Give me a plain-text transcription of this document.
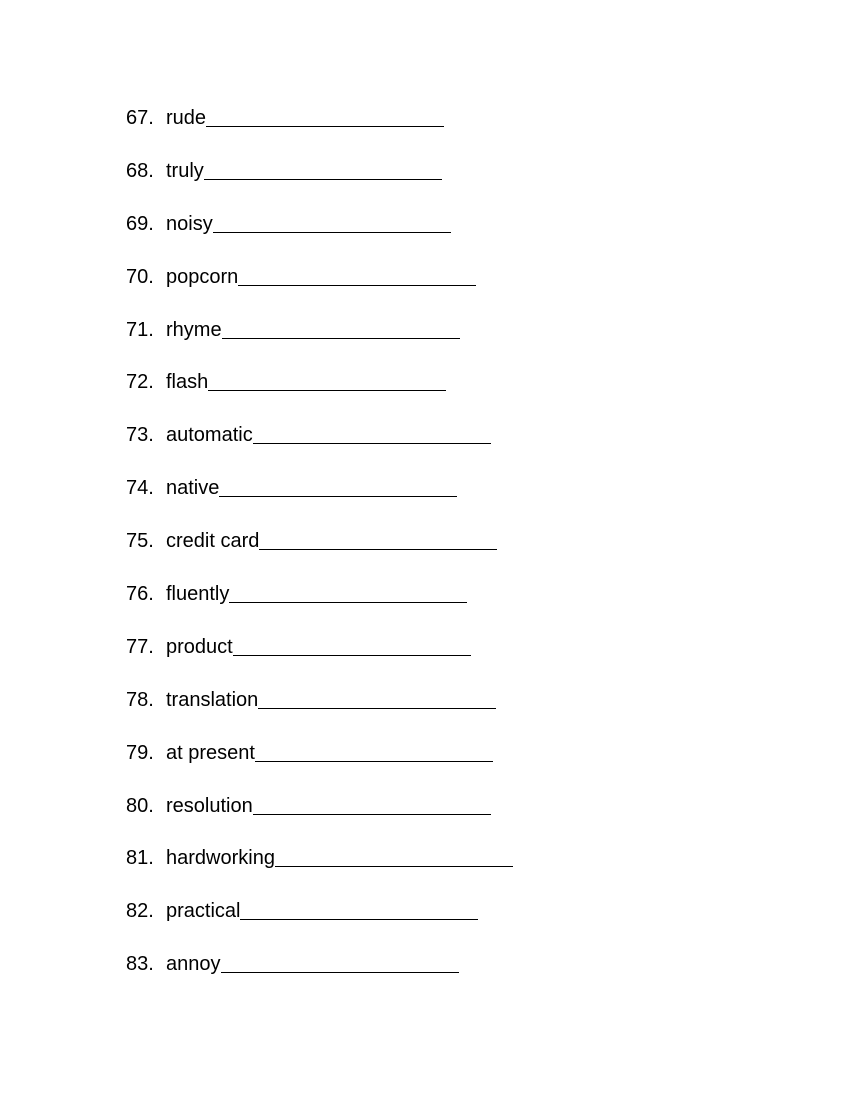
67. rude
68. truly
69. noisy
70. popcorn
71. rhyme
72. flash
73. automatic
74. native
75. credit card
76. fluently
77. product
78. translation
79. at present
80. resolution
81. hardworking
82. practical
83. annoy
